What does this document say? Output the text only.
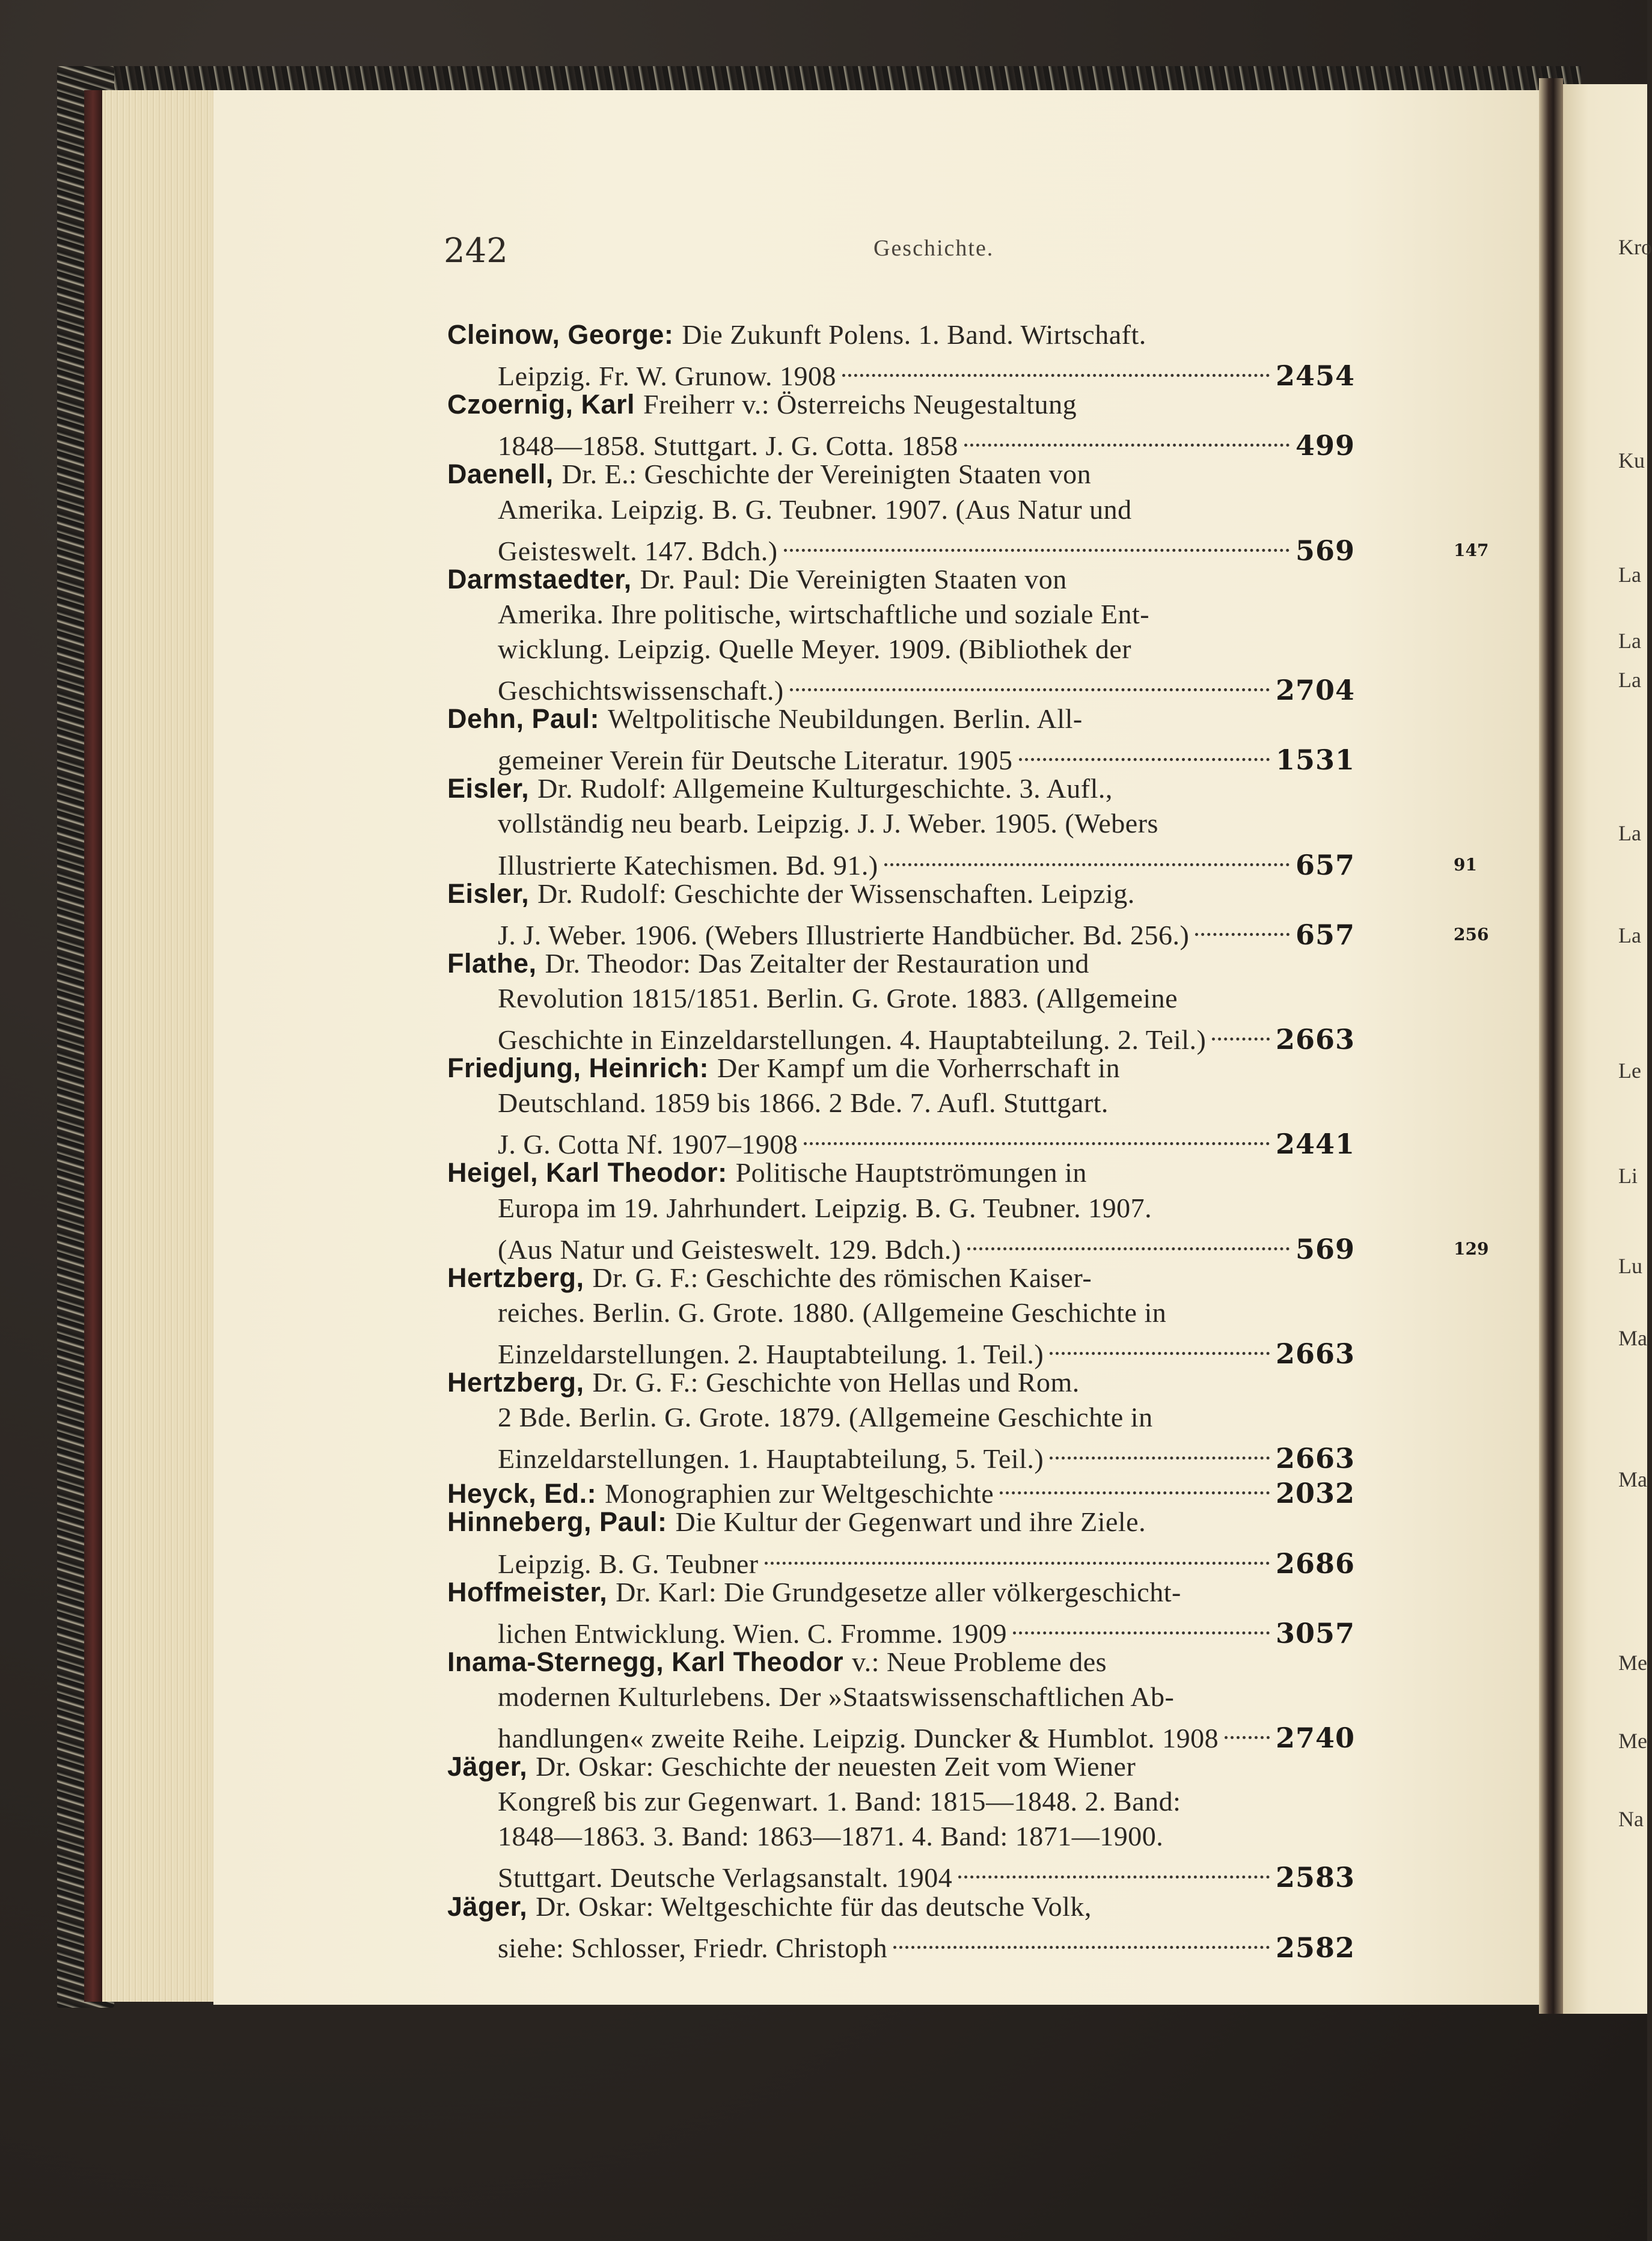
Kro
Ku
La
La
La
La
La
Le
Li
Lu
Ma
Ma
Me
Me
Na
242	Geschichte.
Cleinow, George: Die Zukunft Polens. 1. Band. Wirtschaft.
Leipzig. Fr. W. Grunow. 1908	2454
Czoernig, Karl Freiherr v.: Österreichs Neugestaltung
1848—1858. Stuttgart. J. G. Cotta. 1858	499
147
Daenell, Dr. E.: Geschichte der Vereinigten Staaten von
Amerika. Leipzig. B. G. Teubner. 1907. (Aus Natur und
Geisteswelt. 147. Bdch.)	569
Darmstaedter, Dr. Paul: Die Vereinigten Staaten von
Amerika. Ihre politische, wirtschaftliche und soziale Ent-
wicklung. Leipzig. Quelle Meyer. 1909. (Bibliothek der
Geschichtswissenschaft.)	2704
Dehn, Paul: Weltpolitische Neubildungen. Berlin. All-
gemeiner Verein für Deutsche Literatur. 1905	1531
91
Eisler, Dr. Rudolf: Allgemeine Kulturgeschichte. 3. Aufl.,
vollständig neu bearb. Leipzig. J. J. Weber. 1905. (Webers
Illustrierte Katechismen. Bd. 91.)	657
256
Eisler, Dr. Rudolf: Geschichte der Wissenschaften. Leipzig.
J. J. Weber. 1906. (Webers Illustrierte Handbücher. Bd. 256.)	657
Flathe, Dr. Theodor: Das Zeitalter der Restauration und
Revolution 1815/1851. Berlin. G. Grote. 1883. (Allgemeine
Geschichte in Einzeldarstellungen. 4. Hauptabteilung. 2. Teil.)	2663
Friedjung, Heinrich: Der Kampf um die Vorherrschaft in
Deutschland. 1859 bis 1866. 2 Bde. 7. Aufl. Stuttgart.
J. G. Cotta Nf. 1907–1908	2441
129
Heigel, Karl Theodor: Politische Hauptströmungen in
Europa im 19. Jahrhundert. Leipzig. B. G. Teubner. 1907.
(Aus Natur und Geisteswelt. 129. Bdch.)	569
Hertzberg, Dr. G. F.: Geschichte des römischen Kaiser-
reiches. Berlin. G. Grote. 1880. (Allgemeine Geschichte in
Einzeldarstellungen. 2. Hauptabteilung. 1. Teil.)	2663
Hertzberg, Dr. G. F.: Geschichte von Hellas und Rom.
2 Bde. Berlin. G. Grote. 1879. (Allgemeine Geschichte in
Einzeldarstellungen. 1. Hauptabteilung, 5. Teil.)	2663
Heyck, Ed.: Monographien zur Weltgeschichte	2032
Hinneberg, Paul: Die Kultur der Gegenwart und ihre Ziele.
Leipzig. B. G. Teubner	2686
Hoffmeister, Dr. Karl: Die Grundgesetze aller völkergeschicht-
lichen Entwicklung. Wien. C. Fromme. 1909	3057
Inama-Sternegg, Karl Theodor v.: Neue Probleme des
modernen Kulturlebens. Der »Staatswissenschaftlichen Ab-
handlungen« zweite Reihe. Leipzig. Duncker & Humblot. 1908 2740
Jäger, Dr. Oskar: Geschichte der neuesten Zeit vom Wiener
Kongreß bis zur Gegenwart. 1. Band: 1815—1848. 2. Band:
1848—1863. 3. Band: 1863—1871. 4. Band: 1871—1900.
Stuttgart. Deutsche Verlagsanstalt. 1904	2583
Jäger, Dr. Oskar: Weltgeschichte für das deutsche Volk,
siehe: Schlosser, Friedr. Christoph	2582
